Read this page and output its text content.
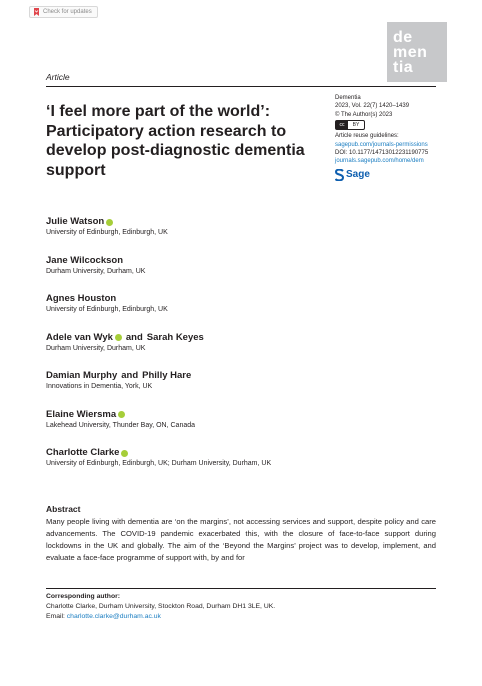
Check for updates
de
men
tia
Article
‘I feel more part of the world’: Participatory action research to develop post-diagnostic dementia support
Dementia
2023, Vol. 22(7) 1420–1439
© The Author(s) 2023
cc	BY
Article reuse guidelines:
sagepub.com/journals-permissions
DOI: 10.1177/14713012231190775
journals.sagepub.com/home/dem
Sage
Julie Watson
University of Edinburgh, Edinburgh, UK
Jane Wilcockson
Durham University, Durham, UK
Agnes Houston
University of Edinburgh, Edinburgh, UK
Adele van Wyk and Sarah Keyes
Durham University, Durham, UK
Damian Murphy and Philly Hare
Innovations in Dementia, York, UK
Elaine Wiersma
Lakehead University, Thunder Bay, ON, Canada
Charlotte Clarke
University of Edinburgh, Edinburgh, UK; Durham University, Durham, UK
Abstract

Many people living with dementia are ‘on the margins’, not accessing services and support, despite policy and care advancements. The COVID-19 pandemic exacerbated this, with the closure of face-to-face support during lockdowns in the UK and globally. The aim of the ‘Beyond the Margins’ project was to develop, implement, and evaluate a face-face programme of support with, by and for

Corresponding author:
Charlotte Clarke, Durham University, Stockton Road, Durham DH1 3LE, UK.
Email: charlotte.clarke@durham.ac.uk
